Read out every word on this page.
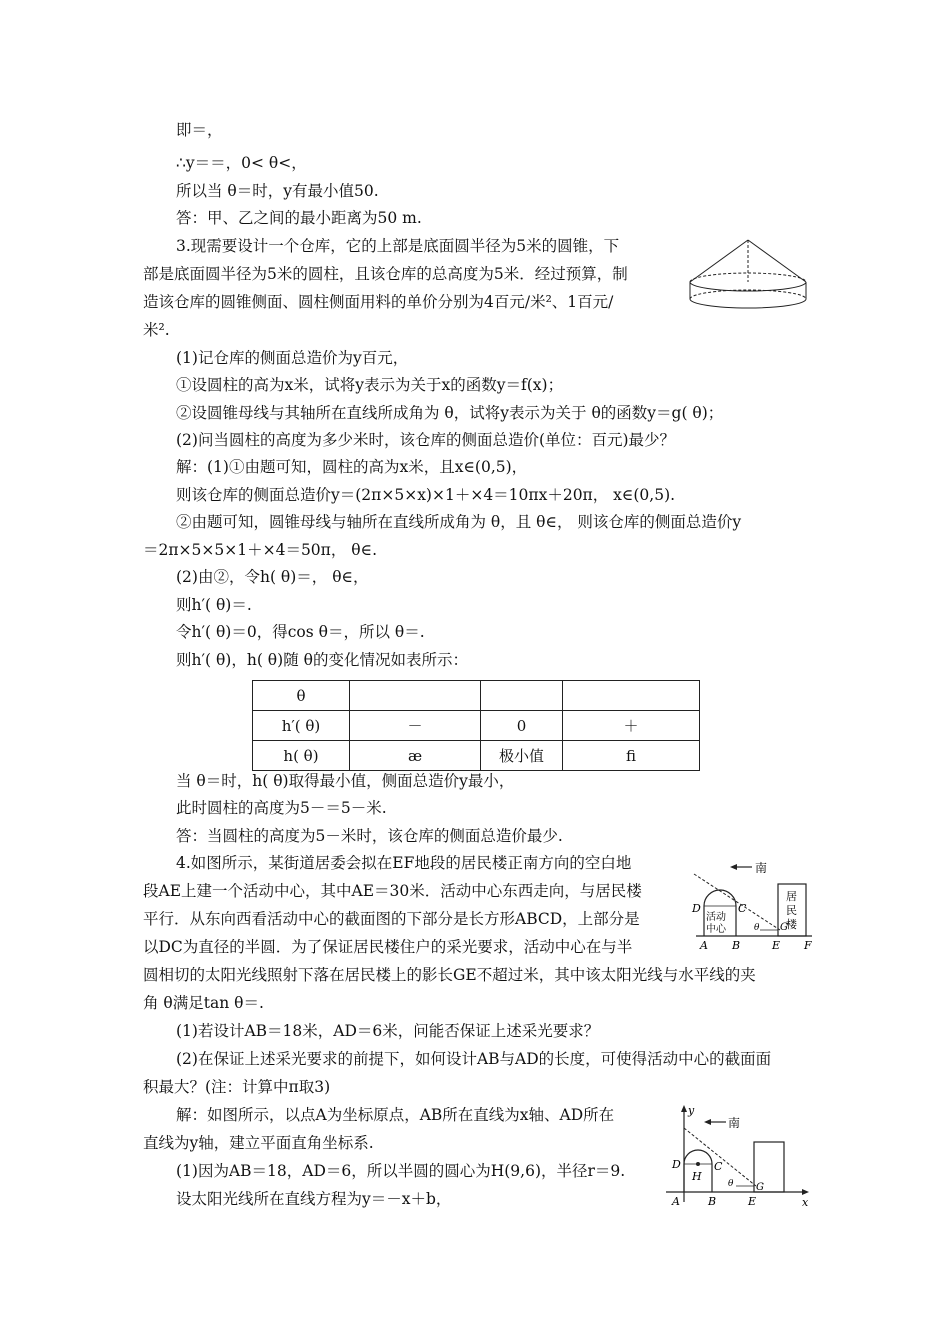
即＝，
∴y＝＝，0< θ<，
所以当 θ＝时，y有最小值50.
答：甲、乙之间的最小距离为50 m.
3.现需要设计一个仓库，它的上部是底面圆半径为5米的圆锥，下
部是底面圆半径为5米的圆柱，且该仓库的总高度为5米．经过预算，制
造该仓库的圆锥侧面、圆柱侧面用料的单价分别为4百元/米²、1百元/
米².
(1)记仓库的侧面总造价为y百元，
①设圆柱的高为x米，试将y表示为关于x的函数y＝f(x)；
②设圆锥母线与其轴所在直线所成角为 θ，试将y表示为关于 θ的函数y＝g( θ)；
(2)问当圆柱的高度为多少米时，该仓库的侧面总造价(单位：百元)最少？
解：(1)①由题可知，圆柱的高为x米，且x∈(0,5)，
则该仓库的侧面总造价y＝(2π×5×x)×1＋×4＝10πx＋20π， x∈(0,5).
②由题可知，圆锥母线与轴所在直线所成角为 θ，且 θ∈， 则该仓库的侧面总造价y
＝2π×5×5×1＋×4＝50π， θ∈.
(2)由②，令h( θ)＝， θ∈，
则h′( θ)＝.
令h′( θ)＝0，得cos θ＝，所以 θ＝.
则h′( θ)，h( θ)随 θ的变化情况如表所示：
θ			
h′( θ)	－	0	＋
h( θ)	æ	极小值	ﬁ
当 θ＝时，h( θ)取得最小值，侧面总造价y最小，
此时圆柱的高度为5－＝5－米.
答：当圆柱的高度为5－米时，该仓库的侧面总造价最少.
4.如图所示，某街道居委会拟在EF地段的居民楼正南方向的空白地
段AE上建一个活动中心，其中AE＝30米．活动中心东西走向，与居民楼
平行．从东向西看活动中心的截面图的下部分是长方形ABCD，上部分是
以DC为直径的半圆．为了保证居民楼住户的采光要求，活动中心在与半
圆相切的太阳光线照射下落在居民楼上的影长GE不超过米，其中该太阳光线与水平线的夹
角 θ满足tan θ＝.
(1)若设计AB＝18米，AD＝6米，问能否保证上述采光要求？
(2)在保证上述采光要求的前提下，如何设计AB与AD的长度，可使得活动中心的截面面
积最大？(注：计算中π取3)
解：如图所示，以点A为坐标原点，AB所在直线为x轴、AD所在
直线为y轴，建立平面直角坐标系.
(1)因为AB＝18，AD＝6，所以半圆的圆心为H(9,6)，半径r＝9.
设太阳光线所在直线方程为y＝－x＋b，
南
活动
中心
居
民
楼
θ
D	C
A B	E F
G
y
x
南
θ
D	C
H
A	B	E
G
